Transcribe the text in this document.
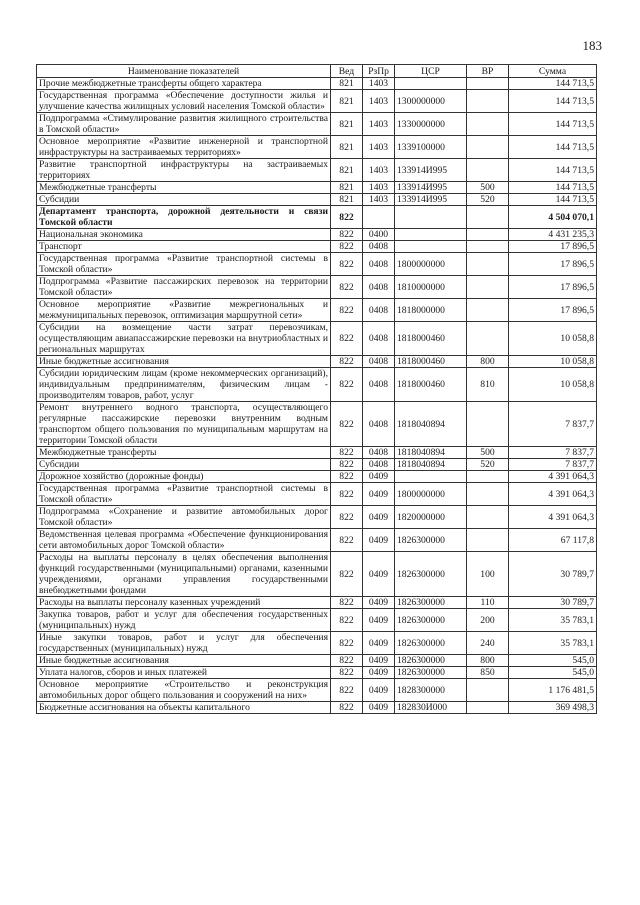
183
Наименование показателей	Вед	РзПр	ЦСР	ВР	Сумма
Прочие межбюджетные трансферты общего характера	821	1403			144 713,5
Государственная программа «Обеспечение доступности жилья и улучшение качества жилищных условий населения Томской области»	821	1403	1300000000		144 713,5
Подпрограмма «Стимулирование развития жилищного строительства в Томской области»	821	1403	1330000000		144 713,5
Основное мероприятие «Развитие инженерной и транспортной инфраструктуры на застраиваемых территориях»	821	1403	1339100000		144 713,5
Развитие транспортной инфраструктуры на застраиваемых территориях	821	1403	133914И995		144 713,5
Межбюджетные трансферты	821	1403	133914И995	500	144 713,5
Субсидии	821	1403	133914И995	520	144 713,5
Департамент транспорта, дорожной деятельности и связи Томской области	822				4 504 070,1
Национальная экономика	822	0400			4 431 235,3
Транспорт	822	0408			17 896,5
Государственная программа «Развитие транспортной системы в Томской области»	822	0408	1800000000		17 896,5
Подпрограмма «Развитие пассажирских перевозок на территории Томской области»	822	0408	1810000000		17 896,5
Основное мероприятие «Развитие межрегиональных и межмуниципальных перевозок, оптимизация маршрутной сети»	822	0408	1818000000		17 896,5
Субсидии на возмещение части затрат перевозчикам, осуществляющим авиапассажирские перевозки на внутриобластных и региональных маршрутах	822	0408	1818000460		10 058,8
Иные бюджетные ассигнования	822	0408	1818000460	800	10 058,8
Субсидии юридическим лицам (кроме некоммерческих организаций), индивидуальным предпринимателям, физическим лицам - производителям товаров, работ, услуг	822	0408	1818000460	810	10 058,8
Ремонт внутреннего водного транспорта, осуществляющего регулярные пассажирские перевозки внутренним водным транспортом общего пользования по муниципальным маршрутам на территории Томской области	822	0408	1818040894		7 837,7
Межбюджетные трансферты	822	0408	1818040894	500	7 837,7
Субсидии	822	0408	1818040894	520	7 837,7
Дорожное хозяйство (дорожные фонды)	822	0409			4 391 064,3
Государственная программа «Развитие транспортной системы в Томской области»	822	0409	1800000000		4 391 064,3
Подпрограмма «Сохранение и развитие автомобильных дорог Томской области»	822	0409	1820000000		4 391 064,3
Ведомственная целевая программа «Обеспечение функционирования сети автомобильных дорог Томской области»	822	0409	1826300000		67 117,8
Расходы на выплаты персоналу в целях обеспечения выполнения функций государственными (муниципальными) органами, казенными учреждениями, органами управления государственными внебюджетными фондами	822	0409	1826300000	100	30 789,7
Расходы на выплаты персоналу казенных учреждений	822	0409	1826300000	110	30 789,7
Закупка товаров, работ и услуг для обеспечения государственных (муниципальных) нужд	822	0409	1826300000	200	35 783,1
Иные закупки товаров, работ и услуг для обеспечения государственных (муниципальных) нужд	822	0409	1826300000	240	35 783,1
Иные бюджетные ассигнования	822	0409	1826300000	800	545,0
Уплата налогов, сборов и иных платежей	822	0409	1826300000	850	545,0
Основное мероприятие «Строительство и реконструкция автомобильных дорог общего пользования и сооружений на них»	822	0409	1828300000		1 176 481,5
Бюджетные ассигнования на объекты капитального	822	0409	182830И000		369 498,3
